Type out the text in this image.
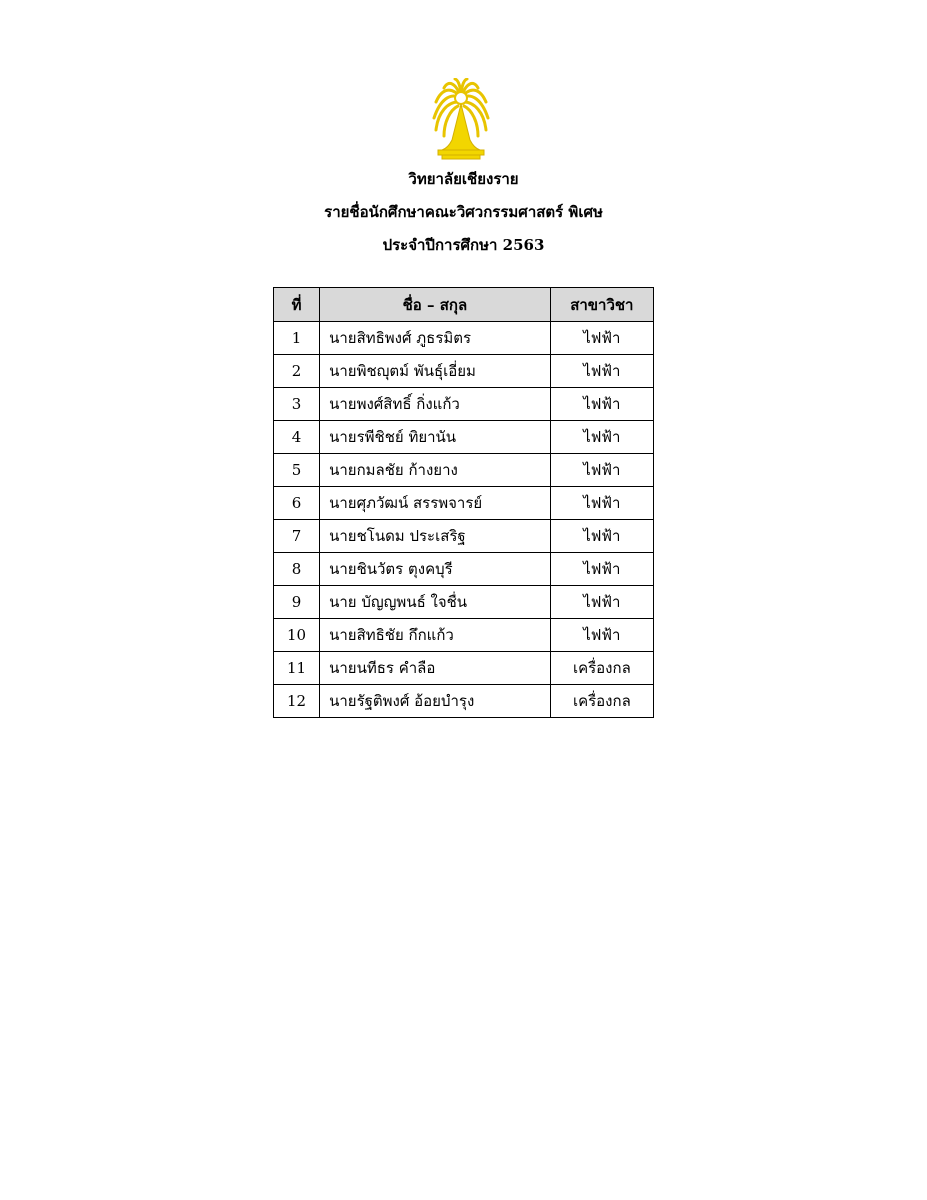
วิทยาลัยเชียงราย
รายชื่อนักศึกษาคณะวิศวกรรมศาสตร์ พิเศษ
ประจำปีการศึกษา 2563
ที่	ชื่อ – สกุล	สาขาวิชา
1	นายสิทธิพงศ์ ภูธรมิตร	ไฟฟ้า
2	นายพิชญุตม์ พันธุ์เอี่ยม	ไฟฟ้า
3	นายพงศ์สิทธิ์ กิ่งแก้ว	ไฟฟ้า
4	นายรพีชิชย์ ทิยานัน	ไฟฟ้า
5	นายกมลชัย ก้างยาง	ไฟฟ้า
6	นายศุภวัฒน์ สรรพจารย์	ไฟฟ้า
7	นายชโนดม ประเสริฐ	ไฟฟ้า
8	นายชินวัตร ตุงคบุรี	ไฟฟ้า
9	นาย บัญญพนธ์ ใจชื่น	ไฟฟ้า
10	นายสิทธิชัย กึกแก้ว	ไฟฟ้า
11	นายนทีธร คำลือ	เครื่องกล
12	นายรัฐติพงศ์ อ้อยบำรุง	เครื่องกล
